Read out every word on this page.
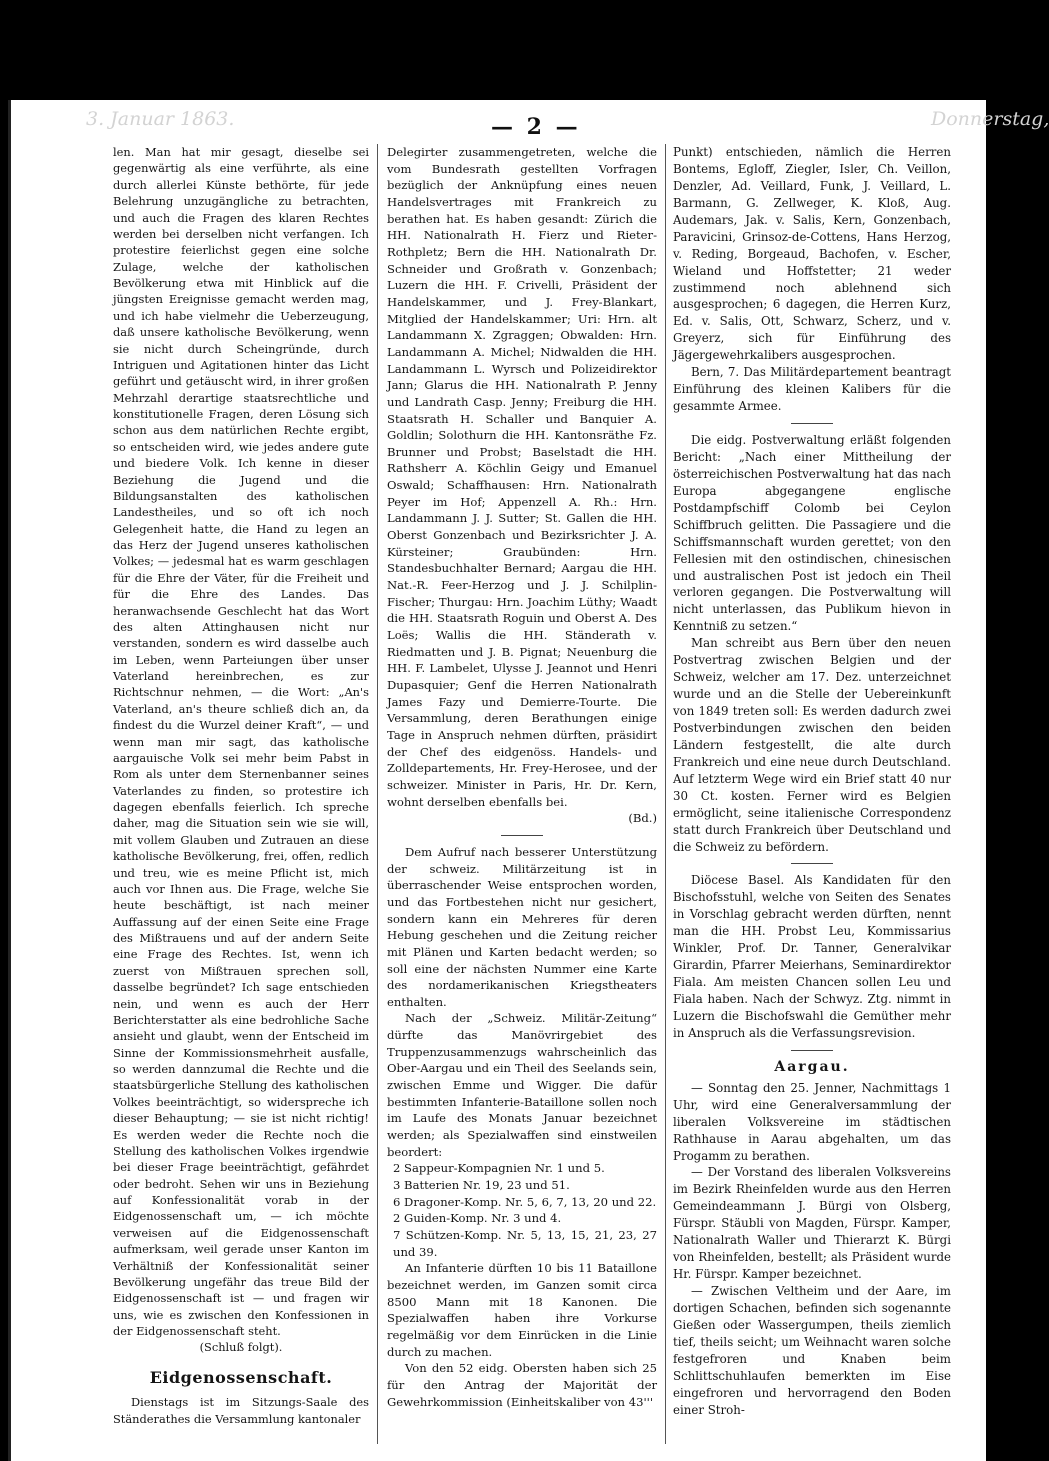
3. Januar 1863.	Donnerstag,
— 2 —

len. Man hat mir gesagt, dieselbe sei gegenwärtig als eine verführte, als eine durch allerlei Künste bethörte, für jede Belehrung unzugängliche zu betrachten, und auch die Fragen des klaren Rechtes werden bei derselben nicht verfangen. Ich protestire feierlichst gegen eine solche Zulage, welche der katholischen Bevölkerung etwa mit Hinblick auf die jüngsten Ereignisse gemacht werden mag, und ich habe vielmehr die Ueberzeugung, daß unsere katholische Bevölkerung, wenn sie nicht durch Scheingründe, durch Intriguen und Agitationen hinter das Licht geführt und getäuscht wird, in ihrer großen Mehrzahl derartige staatsrechtliche und konstitutionelle Fragen, deren Lösung sich schon aus dem natürlichen Rechte ergibt, so entscheiden wird, wie jedes andere gute und biedere Volk. Ich kenne in dieser Beziehung die Jugend und die Bildungsanstalten des katholischen Landestheiles, und so oft ich noch Gelegenheit hatte, die Hand zu legen an das Herz der Jugend unseres katholischen Volkes; — jedesmal hat es warm geschlagen für die Ehre der Väter, für die Freiheit und für die Ehre des Landes. Das heranwachsende Geschlecht hat das Wort des alten Attinghausen nicht nur verstanden, sondern es wird dasselbe auch im Leben, wenn Parteiungen über unser Vaterland hereinbrechen, es zur Richtschnur nehmen, — die Wort: „An's Vaterland, an's theure schließ dich an, da findest du die Wurzel deiner Kraft“, — und wenn man mir sagt, das katholische aargauische Volk sei mehr beim Pabst in Rom als unter dem Sternenbanner seines Vaterlandes zu finden, so protestire ich dagegen ebenfalls feierlich. Ich spreche daher, mag die Situation sein wie sie will, mit vollem Glauben und Zutrauen an diese katholische Bevölkerung, frei, offen, redlich und treu, wie es meine Pflicht ist, mich auch vor Ihnen aus. Die Frage, welche Sie heute beschäftigt, ist nach meiner Auffassung auf der einen Seite eine Frage des Mißtrauens und auf der andern Seite eine Frage des Rechtes. Ist, wenn ich zuerst von Mißtrauen sprechen soll, dasselbe begründet? Ich sage entschieden nein, und wenn es auch der Herr Berichterstatter als eine bedrohliche Sache ansieht und glaubt, wenn der Entscheid im Sinne der Kommissionsmehrheit ausfalle, so werden dannzumal die Rechte und die staatsbürgerliche Stellung des katholischen Volkes beeinträchtigt, so widerspreche ich dieser Behauptung; — sie ist nicht richtig! Es werden weder die Rechte noch die Stellung des katholischen Volkes irgendwie bei dieser Frage beeinträchtigt, gefährdet oder bedroht. Sehen wir uns in Beziehung auf Konfessionalität vorab in der Eidgenossenschaft um, — ich möchte verweisen auf die Eidgenossenschaft aufmerksam, weil gerade unser Kanton im Verhältniß der Konfessionalität seiner Bevölkerung ungefähr das treue Bild der Eidgenossenschaft ist — und fragen wir uns, wie es zwischen den Konfessionen in der Eidgenossenschaft steht.

(Schluß folgt).

Eidgenossenschaft.

Dienstags ist im Sitzungs-Saale des Ständerathes die Versammlung kantonaler

Delegirter zusammengetreten, welche die vom Bundesrath gestellten Vorfragen bezüglich der Anknüpfung eines neuen Handelsvertrages mit Frankreich zu berathen hat. Es haben gesandt: Zürich die HH. Nationalrath H. Fierz und Rieter-Rothpletz; Bern die HH. Nationalrath Dr. Schneider und Großrath v. Gonzenbach; Luzern die HH. F. Crivelli, Präsident der Handelskammer, und J. Frey-Blankart, Mitglied der Handelskammer; Uri: Hrn. alt Landammann X. Zgraggen; Obwalden: Hrn. Landammann A. Michel; Nidwalden die HH. Landammann L. Wyrsch und Polizeidirektor Jann; Glarus die HH. Nationalrath P. Jenny und Landrath Casp. Jenny; Freiburg die HH. Staatsrath H. Schaller und Banquier A. Goldlin; Solothurn die HH. Kantonsräthe Fz. Brunner und Probst; Baselstadt die HH. Rathsherr A. Köchlin Geigy und Emanuel Oswald; Schaffhausen: Hrn. Nationalrath Peyer im Hof; Appenzell A. Rh.: Hrn. Landammann J. J. Sutter; St. Gallen die HH. Oberst Gonzenbach und Bezirksrichter J. A. Kürsteiner; Graubünden: Hrn. Standesbuchhalter Bernard; Aargau die HH. Nat.-R. Feer-Herzog und J. J. Schilplin-Fischer; Thurgau: Hrn. Joachim Lüthy; Waadt die HH. Staatsrath Roguin und Oberst A. Des Loës; Wallis die HH. Ständerath v. Riedmatten und J. B. Pignat; Neuenburg die HH. F. Lambelet, Ulysse J. Jeannot und Henri Dupasquier; Genf die Herren Nationalrath James Fazy und Demierre-Tourte. Die Versammlung, deren Berathungen einige Tage in Anspruch nehmen dürften, präsidirt der Chef des eidgenöss. Handels- und Zolldepartements, Hr. Frey-Herosee, und der schweizer. Minister in Paris, Hr. Dr. Kern, wohnt derselben ebenfalls bei.

(Bd.)

Dem Aufruf nach besserer Unterstützung der schweiz. Militärzeitung ist in überraschender Weise entsprochen worden, und das Fortbestehen nicht nur gesichert, sondern kann ein Mehreres für deren Hebung geschehen und die Zeitung reicher mit Plänen und Karten bedacht werden; so soll eine der nächsten Nummer eine Karte des nordamerikanischen Kriegstheaters enthalten.

Nach der „Schweiz. Militär-Zeitung“ dürfte das Manövrirgebiet des Truppenzusammenzugs wahrscheinlich das Ober-Aargau und ein Theil des Seelands sein, zwischen Emme und Wigger. Die dafür bestimmten Infanterie-Bataillone sollen noch im Laufe des Monats Januar bezeichnet werden; als Spezialwaffen sind einstweilen beordert:

2 Sappeur-Kompagnien Nr. 1 und 5.
3 Batterien Nr. 19, 23 und 51.
6 Dragoner-Komp. Nr. 5, 6, 7, 13, 20 und 22.
2 Guiden-Komp. Nr. 3 und 4.
7 Schützen-Komp. Nr. 5, 13, 15, 21, 23, 27 und 39.

An Infanterie dürften 10 bis 11 Bataillone bezeichnet werden, im Ganzen somit circa 8500 Mann mit 18 Kanonen. Die Spezialwaffen haben ihre Vorkurse regelmäßig vor dem Einrücken in die Linie durch zu machen.

Von den 52 eidg. Obersten haben sich 25 für den Antrag der Majorität der Gewehrkommission (Einheitskaliber von 43'''

Punkt) entschieden, nämlich die Herren Bontems, Egloff, Ziegler, Isler, Ch. Veillon, Denzler, Ad. Veillard, Funk, J. Veillard, L. Barmann, G. Zellweger, K. Kloß, Aug. Audemars, Jak. v. Salis, Kern, Gonzenbach, Paravicini, Grinsoz-de-Cottens, Hans Herzog, v. Reding, Borgeaud, Bachofen, v. Escher, Wieland und Hoffstetter; 21 weder zustimmend noch ablehnend sich ausgesprochen; 6 dagegen, die Herren Kurz, Ed. v. Salis, Ott, Schwarz, Scherz, und v. Greyerz, sich für Einführung des Jägergewehrkalibers ausgesprochen.

Bern, 7. Das Militärdepartement beantragt Einführung des kleinen Kalibers für die gesammte Armee.

Die eidg. Postverwaltung erläßt folgenden Bericht: „Nach einer Mittheilung der österreichischen Postverwaltung hat das nach Europa abgegangene englische Postdampfschiff Colomb bei Ceylon Schiffbruch gelitten. Die Passagiere und die Schiffsmannschaft wurden gerettet; von den Fellesien mit den ostindischen, chinesischen und australischen Post ist jedoch ein Theil verloren gegangen. Die Postverwaltung will nicht unterlassen, das Publikum hievon in Kenntniß zu setzen.“

Man schreibt aus Bern über den neuen Postvertrag zwischen Belgien und der Schweiz, welcher am 17. Dez. unterzeichnet wurde und an die Stelle der Uebereinkunft von 1849 treten soll: Es werden dadurch zwei Postverbindungen zwischen den beiden Ländern festgestellt, die alte durch Frankreich und eine neue durch Deutschland. Auf letzterm Wege wird ein Brief statt 40 nur 30 Ct. kosten. Ferner wird es Belgien ermöglicht, seine italienische Correspondenz statt durch Frankreich über Deutschland und die Schweiz zu befördern.

Diöcese Basel. Als Kandidaten für den Bischofsstuhl, welche von Seiten des Senates in Vorschlag gebracht werden dürften, nennt man die HH. Probst Leu, Kommissarius Winkler, Prof. Dr. Tanner, Generalvikar Girardin, Pfarrer Meierhans, Seminardirektor Fiala. Am meisten Chancen sollen Leu und Fiala haben. Nach der Schwyz. Ztg. nimmt in Luzern die Bischofswahl die Gemüther mehr in Anspruch als die Verfassungsrevision.

Aargau.

— Sonntag den 25. Jenner, Nachmittags 1 Uhr, wird eine Generalversammlung der liberalen Volksvereine im städtischen Rathhause in Aarau abgehalten, um das Progamm zu berathen.

— Der Vorstand des liberalen Volksvereins im Bezirk Rheinfelden wurde aus den Herren Gemeindeammann J. Bürgi von Olsberg, Fürspr. Stäubli von Magden, Fürspr. Kamper, Nationalrath Waller und Thierarzt K. Bürgi von Rheinfelden, bestellt; als Präsident wurde Hr. Fürspr. Kamper bezeichnet.

— Zwischen Veltheim und der Aare, im dortigen Schachen, befinden sich sogenannte Gießen oder Wassergumpen, theils ziemlich tief, theils seicht; um Weihnacht waren solche festgefroren und Knaben beim Schlittschuhlaufen bemerkten im Eise eingefroren und hervorragend den Boden einer Stroh-
